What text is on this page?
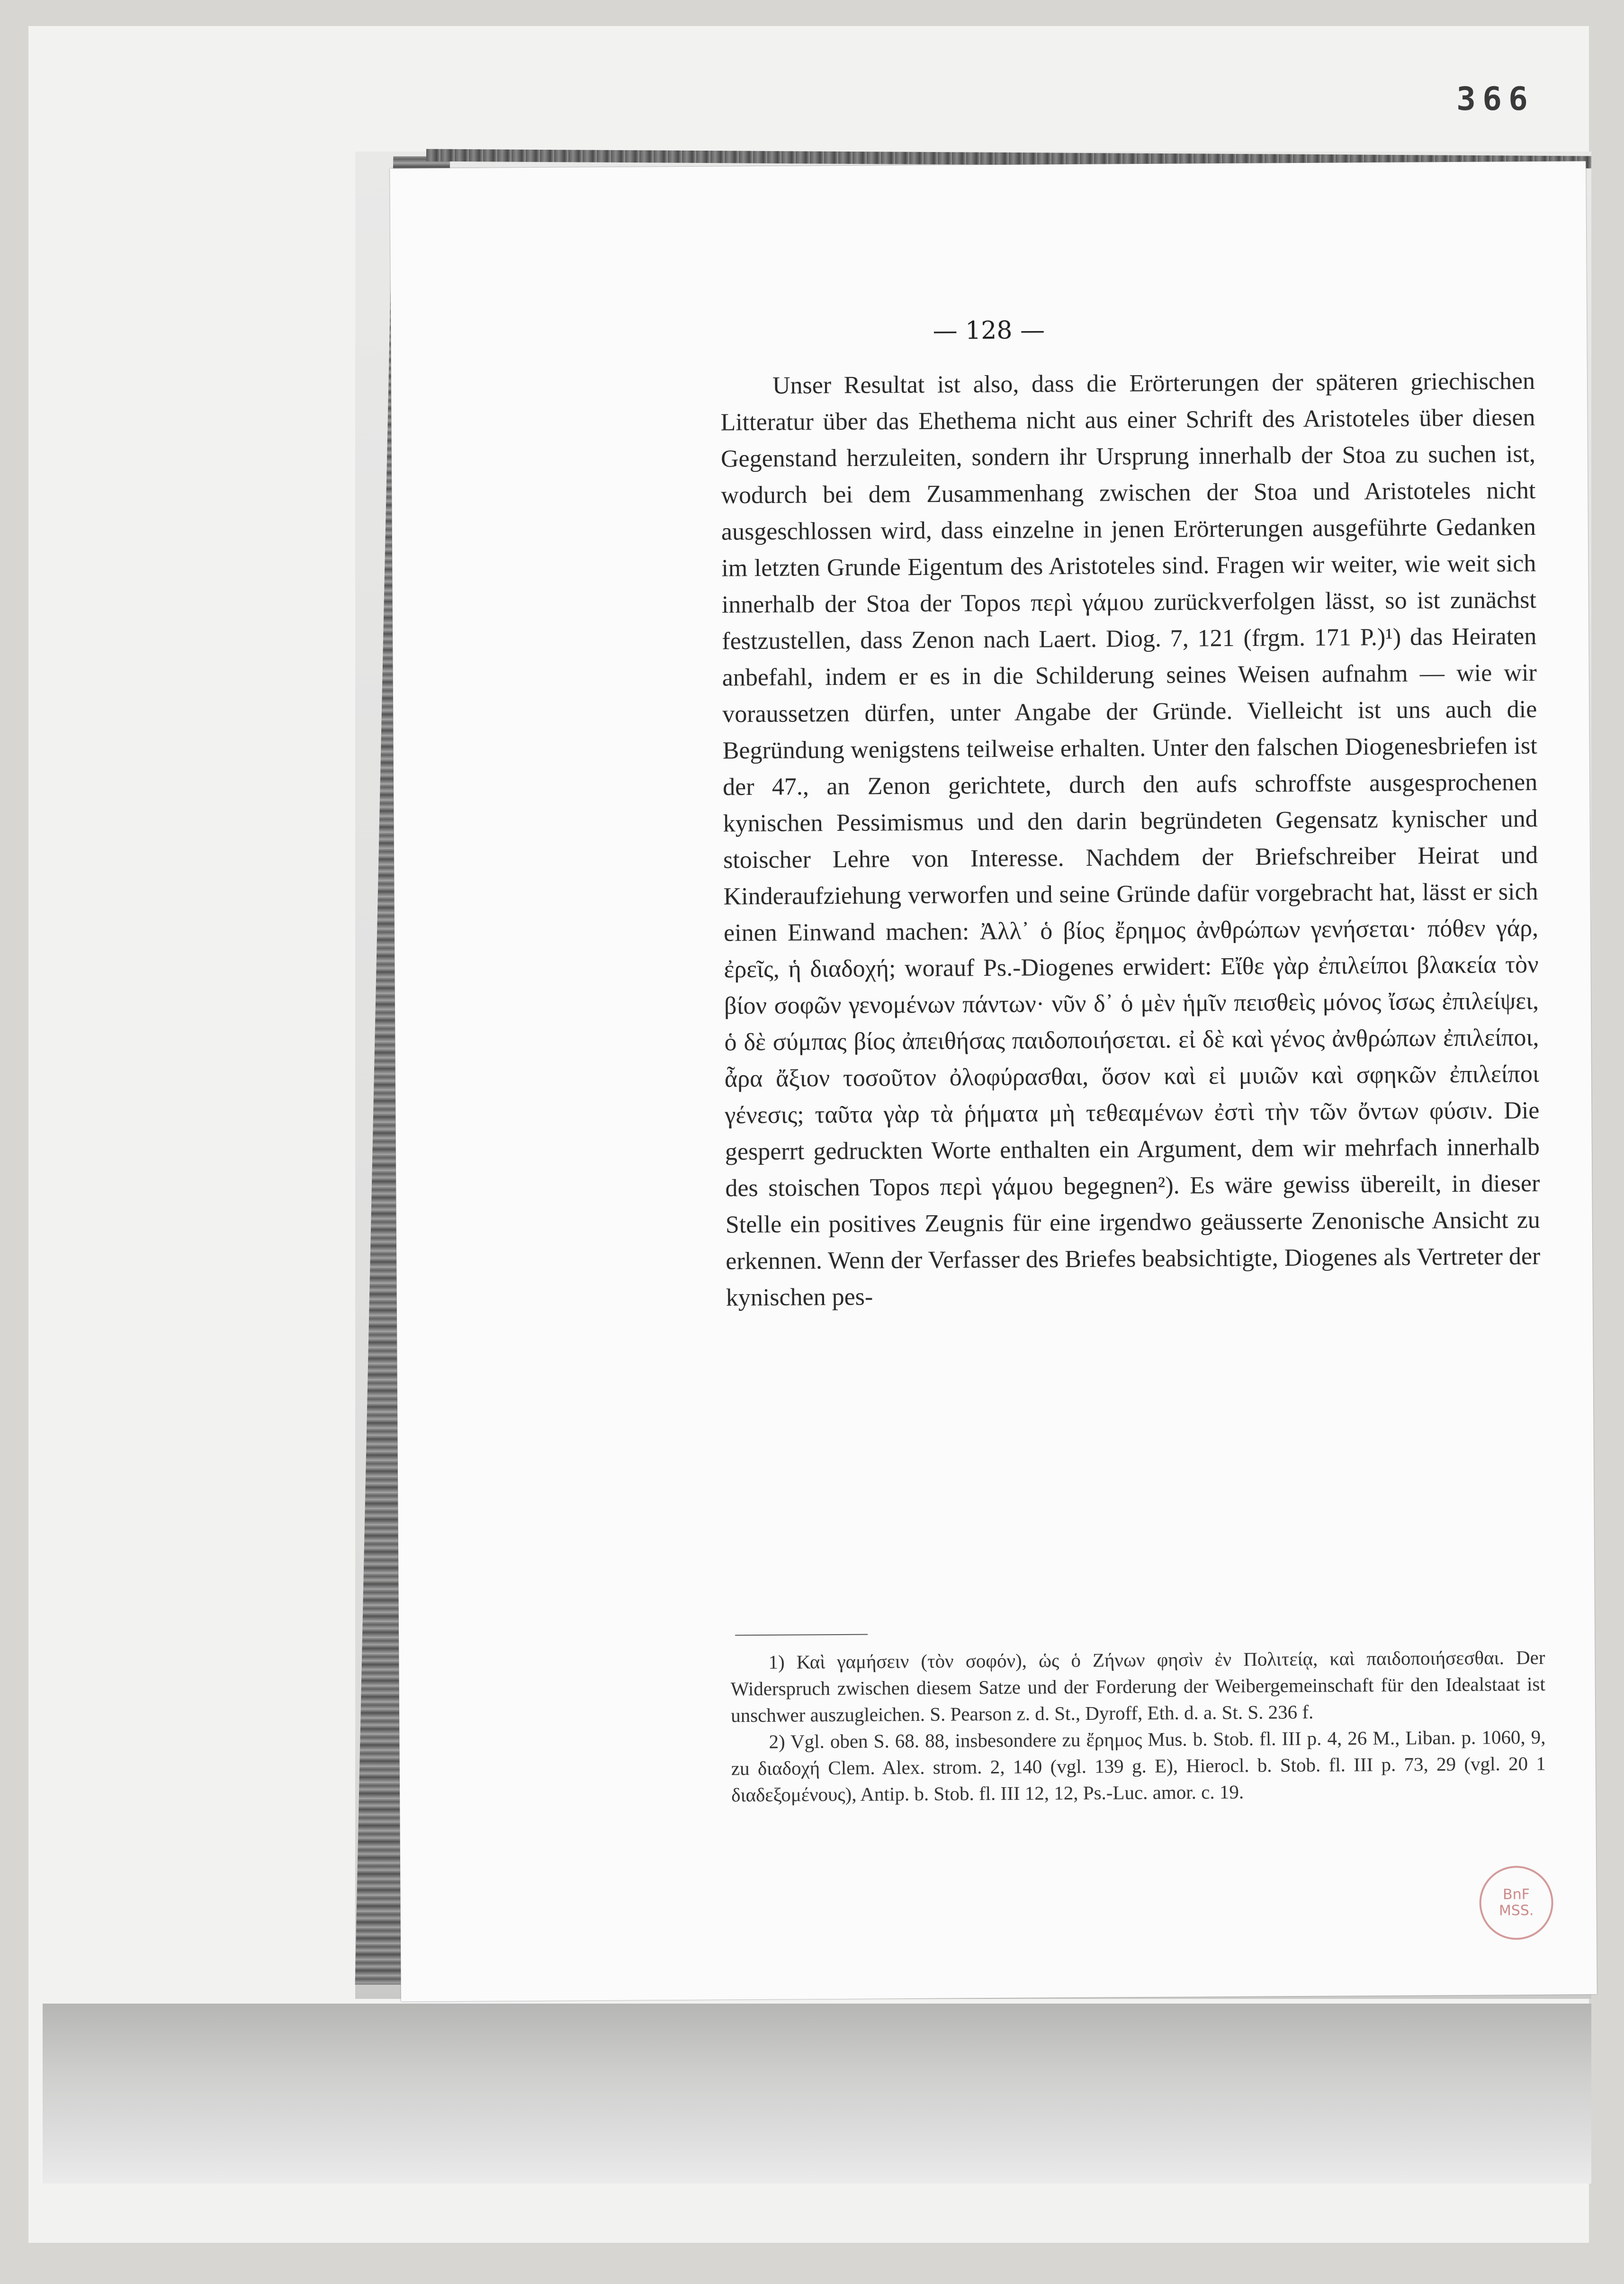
366
— 128 —

Unser Resultat ist also, dass die Erörterungen der späteren griechischen Litteratur über das Ehethema nicht aus einer Schrift des Aristoteles über diesen Gegenstand herzuleiten, sondern ihr Ursprung innerhalb der Stoa zu suchen ist, wodurch bei dem Zusammenhang zwischen der Stoa und Aristoteles nicht ausgeschlossen wird, dass einzelne in jenen Erörterungen ausgeführte Gedanken im letzten Grunde Eigentum des Aristoteles sind. Fragen wir weiter, wie weit sich innerhalb der Stoa der Topos περὶ γάμου zurückverfolgen lässt, so ist zunächst festzustellen, dass Zenon nach Laert. Diog. 7, 121 (frgm. 171 P.)¹) das Heiraten anbefahl, indem er es in die Schilderung seines Weisen aufnahm — wie wir voraussetzen dürfen, unter Angabe der Gründe. Vielleicht ist uns auch die Begründung wenigstens teilweise erhalten. Unter den falschen Diogenesbriefen ist der 47., an Zenon gerichtete, durch den aufs schroffste ausgesprochenen kynischen Pessimismus und den darin begründeten Gegensatz kynischer und stoischer Lehre von Interesse. Nachdem der Briefschreiber Heirat und Kinderaufziehung verworfen und seine Gründe dafür vorgebracht hat, lässt er sich einen Einwand machen: Ἀλλ᾽ ὁ βίος ἔρημος ἀνθρώπων γενήσεται· πόθεν γάρ, ἐρεῖς, ἡ διαδοχή; worauf Ps.-Diogenes erwidert: Εἴθε γὰρ ἐπιλείποι βλακεία τὸν βίον σοφῶν γενομένων πάντων· νῦν δ᾽ ὁ μὲν ἡμῖν πεισθεὶς μόνος ἴσως ἐπιλείψει, ὁ δὲ σύμπας βίος ἀπειθήσας παιδοποιήσεται. εἰ δὲ καὶ γένος ἀνθρώπων ἐπιλείποι, ἆρα ἄξιον τοσοῦτον ὀλοφύρασθαι, ὅσον καὶ εἰ μυιῶν καὶ σφηκῶν ἐπιλείποι γένεσις; ταῦτα γὰρ τὰ ῥήματα μὴ τεθεαμένων ἐστὶ τὴν τῶν ὄντων φύσιν. Die gesperrt gedruckten Worte enthalten ein Argument, dem wir mehrfach innerhalb des stoischen Topos περὶ γάμου begegnen²). Es wäre gewiss übereilt, in dieser Stelle ein positives Zeugnis für eine irgendwo geäusserte Zenonische Ansicht zu erkennen. Wenn der Verfasser des Briefes beabsichtigte, Diogenes als Vertreter der kynischen pes-

1) Καὶ γαμήσειν (τὸν σοφόν), ὡς ὁ Ζήνων φησὶν ἐν Πολιτείᾳ, καὶ παιδοποιήσεσθαι. Der Widerspruch zwischen diesem Satze und der Forderung der Weibergemeinschaft für den Idealstaat ist unschwer auszugleichen. S. Pearson z. d. St., Dyroff, Eth. d. a. St. S. 236 f.

2) Vgl. oben S. 68. 88, insbesondere zu ἔρημος Mus. b. Stob. fl. III p. 4, 26 M., Liban. p. 1060, 9, zu διαδοχή Clem. Alex. strom. 2, 140 (vgl. 139 g. E), Hierocl. b. Stob. fl. III p. 73, 29 (vgl. 20 1 διαδεξομένους), Antip. b. Stob. fl. III 12, 12, Ps.-Luc. amor. c. 19.

BnF
MSS.
